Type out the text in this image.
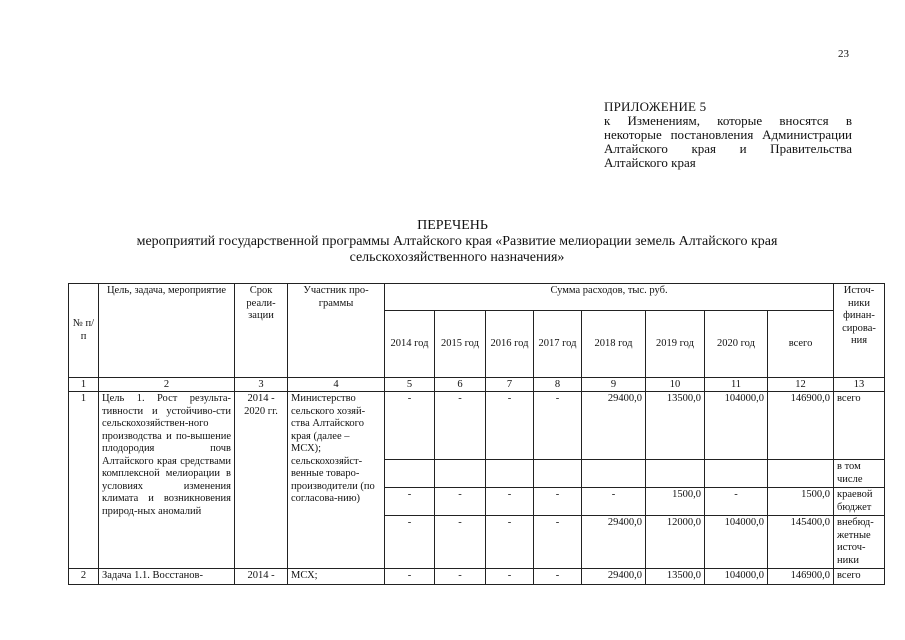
23
ПРИЛОЖЕНИЕ 5
к Изменениям, которые вносятся в некоторые постановления Администрации Алтайского края и Правительства Алтайского края
ПЕРЕЧЕНЬ
мероприятий государственной программы Алтайского края «Развитие мелиорации земель Алтайского края сельскохозяйственного назначения»
№ п/п	Цель, задача, мероприятие	Срок реали-зации	Участник про-граммы	Сумма расходов, тыс. руб.								Источ-ники финан-сирова-ния
				2014 год	2015 год	2016 год	2017 год	2018 год	2019 год	2020 год	всего	
1	2	3	4	5	6	7	8	9	10	11	12	13
1	Цель 1. Рост результа-тивности и устойчиво-сти сельскохозяйствен-ного производства и по-вышение плодородия почв Алтайского края средствами комплексной мелиорации в условиях изменения климата и возникновения природ-ных аномалий	2014 - 2020 гг.	Министерство сельского хозяй-ства Алтайского края (далее – МСХ); сельскохозяйст-венные товаро-производители (по согласова-нию)	-	-	-	-	29400,0	13500,0	104000,0	146900,0	всего
												в том числе
				-	-	-	-	-	1500,0	-	1500,0	краевой бюджет
				-	-	-	-	29400,0	12000,0	104000,0	145400,0	внебюд-жетные источ-ники
2	Задача 1.1. Восстанов-	2014 -	МСХ;	-	-	-	-	29400,0	13500,0	104000,0	146900,0	всего
